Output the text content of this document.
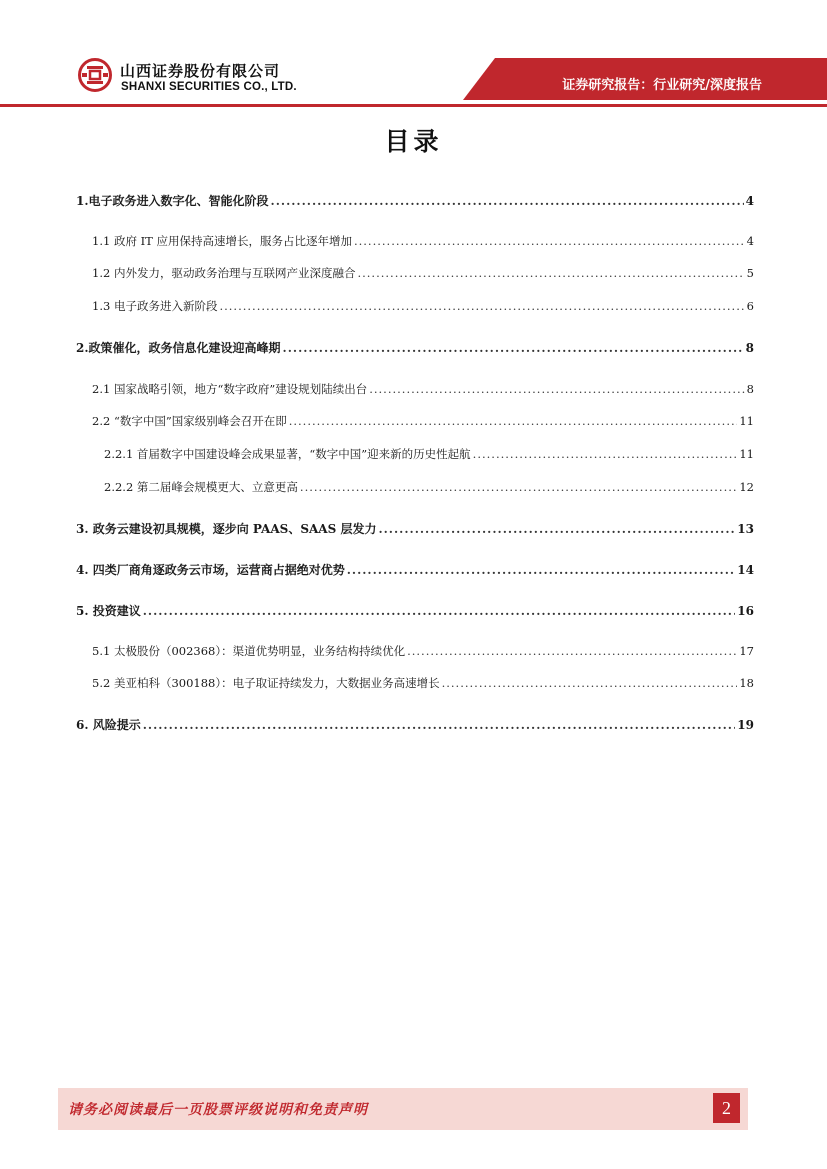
山西证券股份有限公司
SHANXI SECURITIES CO., LTD.	证券研究报告：行业研究/深度报告
目录
1.电子政务进入数字化、智能化阶段 .....	4
1.1 政府 IT 应用保持高速增长，服务占比逐年增加 .....	4
1.2 内外发力，驱动政务治理与互联网产业深度融合 .....	5
1.3 电子政务进入新阶段 .....	6
2.政策催化，政务信息化建设迎高峰期 .....	8
2.1 国家战略引领，地方“数字政府”建设规划陆续出台 .....	8
2.2 “数字中国”国家级别峰会召开在即 .....	11
2.2.1 首届数字中国建设峰会成果显著，“数字中国”迎来新的历史性起航 .....	11
2.2.2 第二届峰会规模更大、立意更高 .....	12
3. 政务云建设初具规模，逐步向 PAAS、SAAS 层发力 .....	13
4. 四类厂商角逐政务云市场，运营商占据绝对优势 .....	14
5. 投资建议 .....	16
5.1 太极股份（002368）：渠道优势明显，业务结构持续优化 .....	17
5.2 美亚柏科（300188）：电子取证持续发力，大数据业务高速增长 .....	18
6. 风险提示 .....	19
请务必阅读最后一页股票评级说明和免责声明	2
